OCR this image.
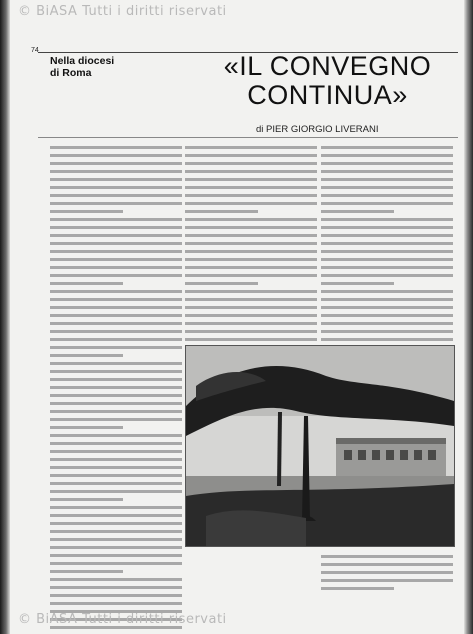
© BiASA Tutti i diritti riservati
74
Nella diocesi
di Roma	«IL CONVEGNO
CONTINUA»
di PIER GIORGIO LIVERANI
© BiASA Tutti i diritti riservati
